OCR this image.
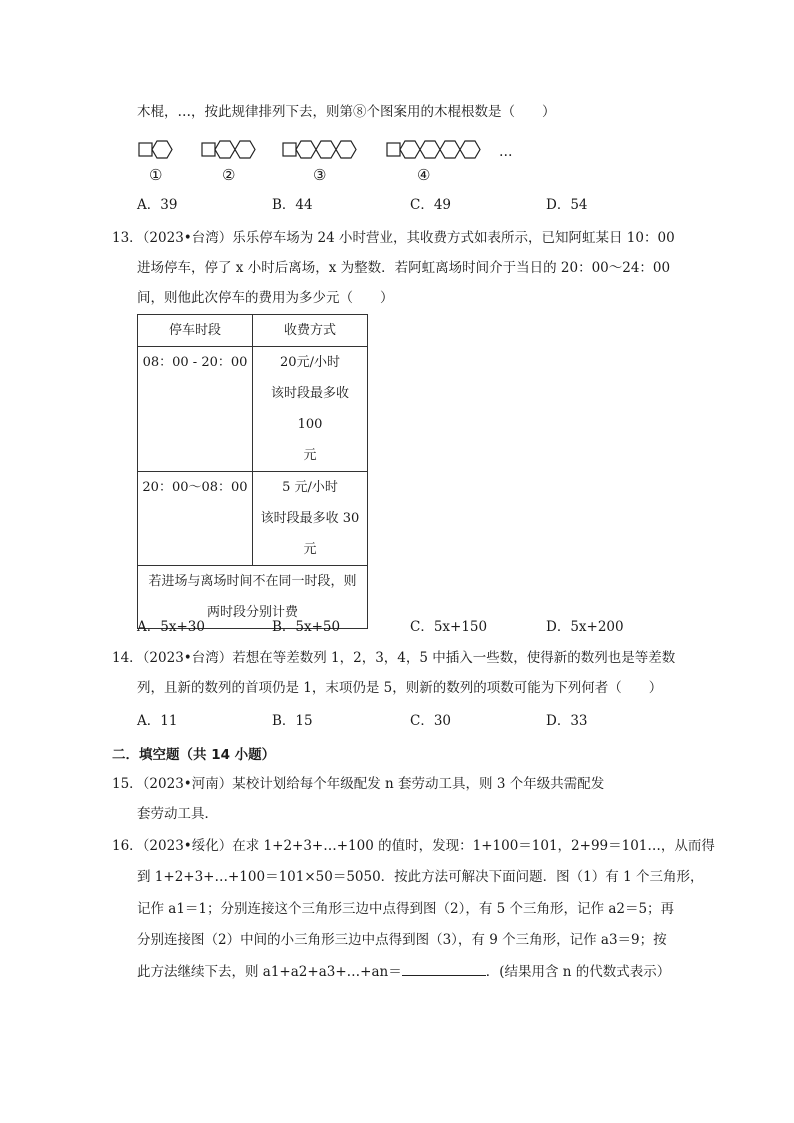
木棍，…，按此规律排列下去，则第⑧个图案用的木棍根数是（　　）
…
①	②	③	④
A．39	B．44	C．49	D．54
13．（2023•台湾）乐乐停车场为 24 小时营业，其收费方式如表所示，已知阿虹某日 10：00
进场停车，停了 x 小时后离场，x 为整数．若阿虹离场时间介于当日的 20：00～24：00
间，则他此次停车的费用为多少元（　　）
停车时段	收费方式
08：00 - 20：00	20元/小时
该时段最多收 100
元

20：00～08：00	5 元/小时
该时段最多收 30
元

若进场与离场时间不在同一时段，则
两时段分别计费	
A．5x+30	B．5x+50	C．5x+150	D．5x+200
14．（2023•台湾）若想在等差数列 1，2，3，4，5 中插入一些数，使得新的数列也是等差数
列，且新的数列的首项仍是 1，末项仍是 5，则新的数列的项数可能为下列何者（　　）
A．11	B．15	C．30	D．33
二．填空题（共 14 小题）
15．（2023•河南）某校计划给每个年级配发 n 套劳动工具，则 3 个年级共需配发
套劳动工具．
16．（2023•绥化）在求 1+2+3+…+100 的值时，发现：1+100＝101，2+99＝101…，从而得
到 1+2+3+…+100＝101×50＝5050．按此方法可解决下面问题．图（1）有 1 个三角形，
记作 a1＝1；分别连接这个三角形三边中点得到图（2），有 5 个三角形，记作 a2＝5；再
分别连接图（2）中间的小三角形三边中点得到图（3），有 9 个三角形，记作 a3＝9；按
此方法继续下去，则 a1+a2+a3+…+an＝	．(结果用含 n 的代数式表示）
